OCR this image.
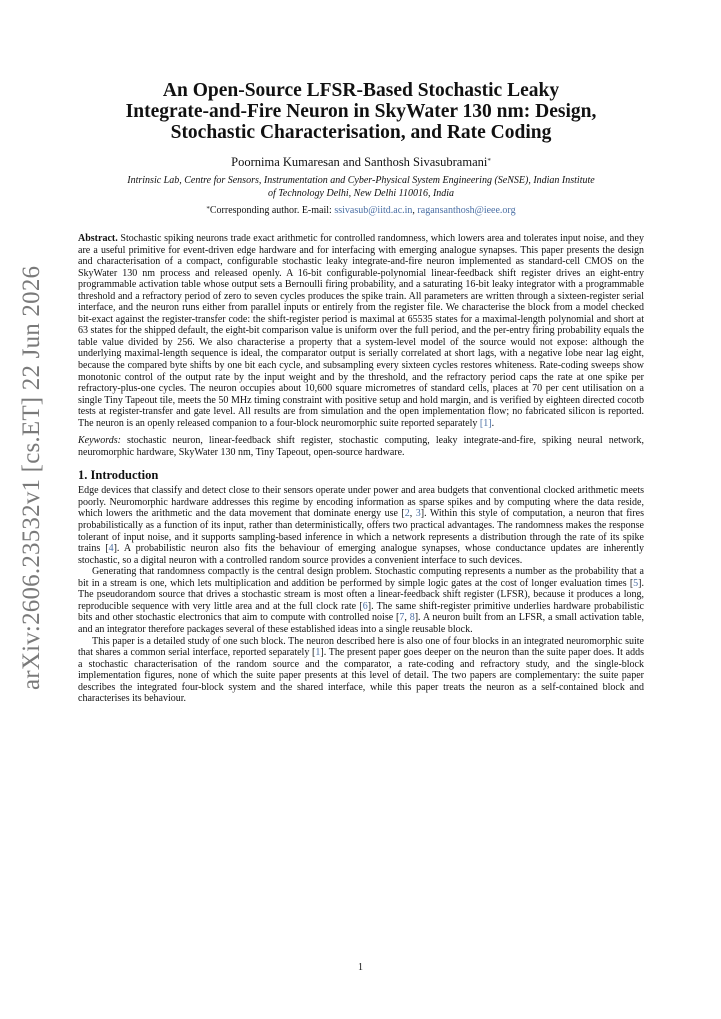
arXiv:2606.23532v1 [cs.ET] 22 Jun 2026
An Open-Source LFSR-Based Stochastic Leaky
Integrate-and-Fire Neuron in SkyWater 130 nm: Design,
Stochastic Characterisation, and Rate Coding
Poornima Kumaresan and Santhosh Sivasubramani*
Intrinsic Lab, Centre for Sensors, Instrumentation and Cyber-Physical System Engineering (SeNSE), Indian Institute
of Technology Delhi, New Delhi 110016, India
*Corresponding author. E-mail: ssivasub@iitd.ac.in, ragansanthosh@ieee.org
Abstract. Stochastic spiking neurons trade exact arithmetic for controlled randomness, which lowers area and tolerates input noise, and they are a useful primitive for event-driven edge hardware and for interfacing with emerging analogue synapses. This paper presents the design and characterisation of a compact, configurable stochastic leaky integrate-and-fire neuron implemented as standard-cell CMOS on the SkyWater 130 nm process and released openly. A 16-bit configurable-polynomial linear-feedback shift register drives an eight-entry programmable activation table whose output sets a Bernoulli firing probability, and a saturating 16-bit leaky integrator with a programmable threshold and a refractory period of zero to seven cycles produces the spike train. All parameters are written through a sixteen-register serial interface, and the neuron runs either from parallel inputs or entirely from the register file. We characterise the block from a model checked bit-exact against the register-transfer code: the shift-register period is maximal at 65535 states for a maximal-length polynomial and short at 63 states for the shipped default, the eight-bit comparison value is uniform over the full period, and the per-entry firing probability equals the table value divided by 256. We also characterise a property that a system-level model of the source would not expose: although the underlying maximal-length sequence is ideal, the comparator output is serially correlated at short lags, with a negative lobe near lag eight, because the compared byte shifts by one bit each cycle, and subsampling every sixteen cycles restores whiteness. Rate-coding sweeps show monotonic control of the output rate by the input weight and by the threshold, and the refractory period caps the rate at one spike per refractory-plus-one cycles. The neuron occupies about 10,600 square micrometres of standard cells, places at 70 per cent utilisation on a single Tiny Tapeout tile, meets the 50 MHz timing constraint with positive setup and hold margin, and is verified by eighteen directed cocotb tests at register-transfer and gate level. All results are from simulation and the open implementation flow; no fabricated silicon is reported. The neuron is an openly released companion to a four-block neuromorphic suite reported separately [1].
Keywords: stochastic neuron, linear-feedback shift register, stochastic computing, leaky integrate-and-fire, spiking neural network, neuromorphic hardware, SkyWater 130 nm, Tiny Tapeout, open-source hardware.
1. Introduction

Edge devices that classify and detect close to their sensors operate under power and area budgets that conventional clocked arithmetic meets poorly. Neuromorphic hardware addresses this regime by encoding information as sparse spikes and by computing where the data reside, which lowers the arithmetic and the data movement that dominate energy use [2, 3]. Within this style of computation, a neuron that fires probabilistically as a function of its input, rather than deterministically, offers two practical advantages. The randomness makes the response tolerant of input noise, and it supports sampling-based inference in which a network represents a distribution through the rate of its spike trains [4]. A probabilistic neuron also fits the behaviour of emerging analogue synapses, whose conductance updates are inherently stochastic, so a digital neuron with a controlled random source provides a convenient interface to such devices.

Generating that randomness compactly is the central design problem. Stochastic computing represents a number as the probability that a bit in a stream is one, which lets multiplication and addition be performed by simple logic gates at the cost of longer evaluation times [5]. The pseudorandom source that drives a stochastic stream is most often a linear-feedback shift register (LFSR), because it produces a long, reproducible sequence with very little area and at the full clock rate [6]. The same shift-register primitive underlies hardware probabilistic bits and other stochastic electronics that aim to compute with controlled noise [7, 8]. A neuron built from an LFSR, a small activation table, and an integrator therefore packages several of these established ideas into a single reusable block.

This paper is a detailed study of one such block. The neuron described here is also one of four blocks in an integrated neuromorphic suite that shares a common serial interface, reported separately [1]. The present paper goes deeper on the neuron than the suite paper does. It adds a stochastic characterisation of the random source and the comparator, a rate-coding and refractory study, and the single-block implementation figures, none of which the suite paper presents at this level of detail. The two papers are complementary: the suite paper describes the integrated four-block system and the shared interface, while this paper treats the neuron as a self-contained block and characterises its behaviour.

1
